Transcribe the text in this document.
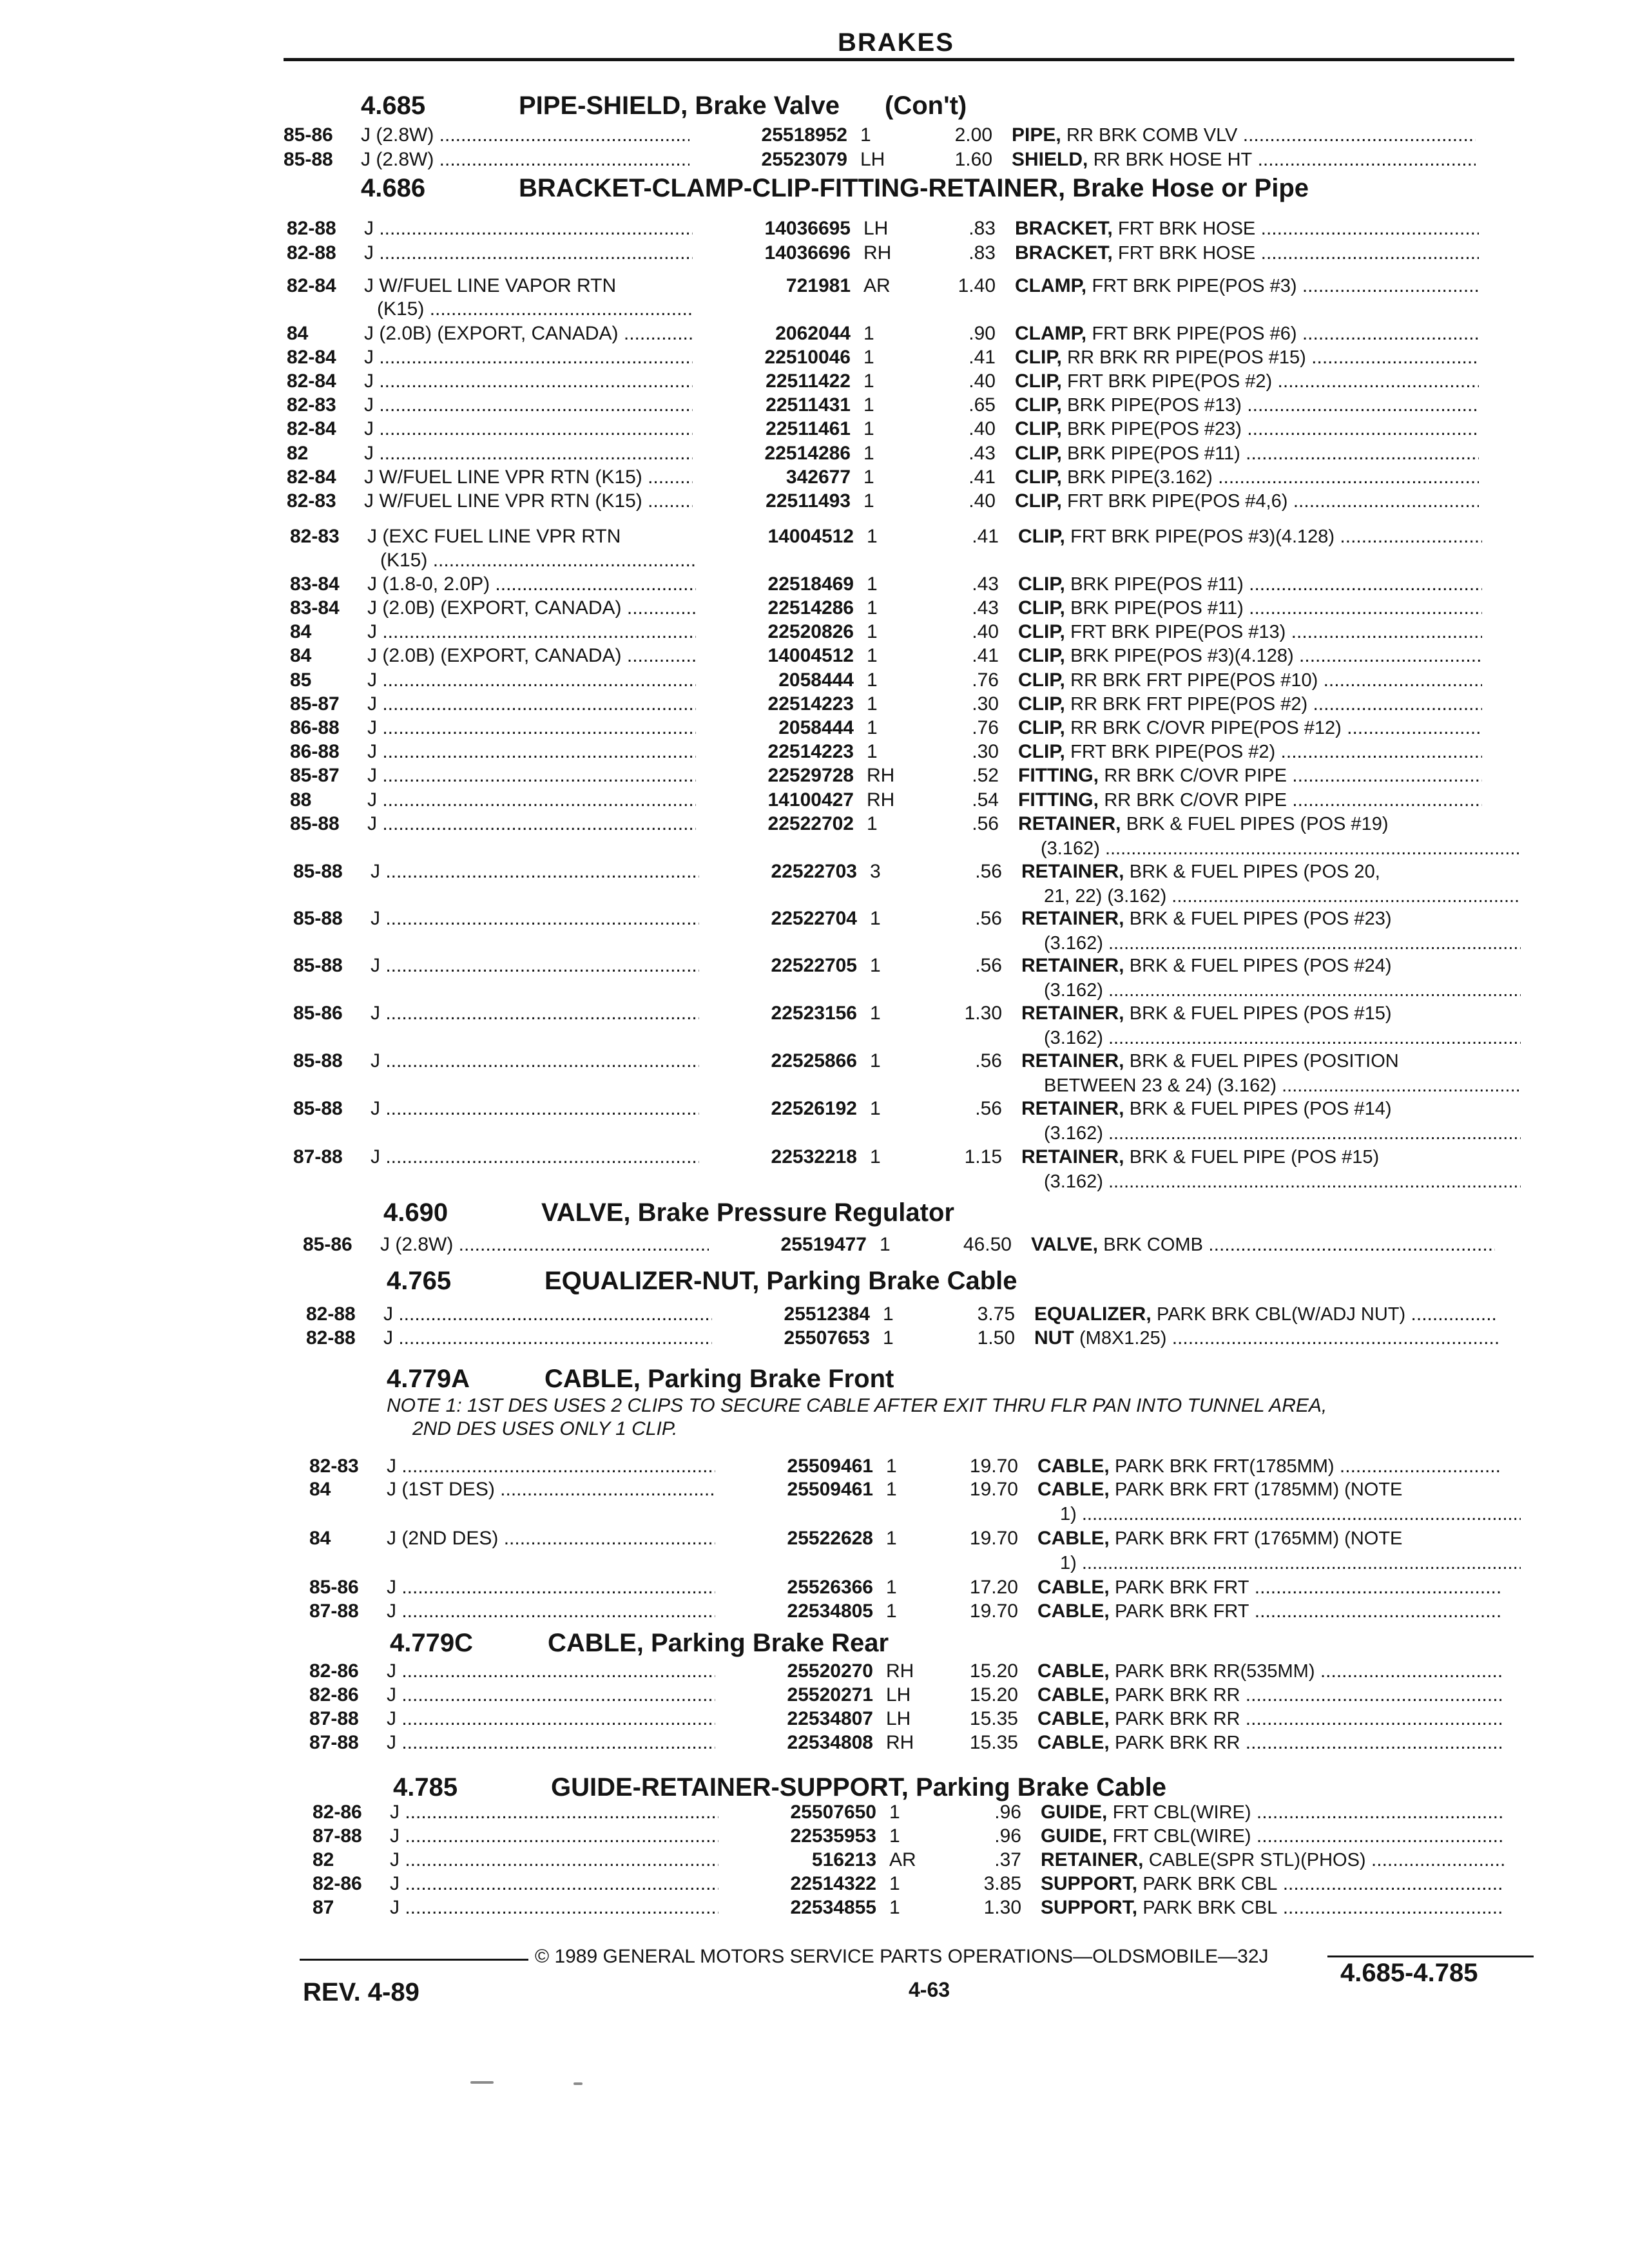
BRAKES
4.685	PIPE-SHIELD, Brake Valve (Con't)
4.686	BRACKET-CLAMP-CLIP-FITTING-RETAINER, Brake Hose or Pipe
4.690	VALVE, Brake Pressure Regulator
4.765	EQUALIZER-NUT, Parking Brake Cable
4.779A	CABLE, Parking Brake Front
4.779C	CABLE, Parking Brake Rear
4.785	GUIDE-RETAINER-SUPPORT, Parking Brake Cable
NOTE 1: 1ST DES USES 2 CLIPS TO SECURE CABLE AFTER EXIT THRU FLR PAN INTO TUNNEL AREA,
2ND DES USES ONLY 1 CLIP.
85-86 J (2.8W) .....	25518952 1	2.00 PIPE, RR BRK COMB VLV .....
85-88 J (2.8W) .....	25523079 LH	1.60 SHIELD, RR BRK HOSE HT .....
82-88 J .....	14036695 LH	.83 BRACKET, FRT BRK HOSE .....
82-88 J .....	14036696 RH	.83 BRACKET, FRT BRK HOSE .....
82-84 J W/FUEL LINE VAPOR RTN	721981 AR	1.40 CLAMP, FRT BRK PIPE(POS #3) .....
(K15) .....
84	J (2.0B) (EXPORT, CANADA) .....	2062044 1	.90 CLAMP, FRT BRK PIPE(POS #6) .....
82-84 J .....	22510046 1	.41 CLIP, RR BRK RR PIPE(POS #15) .....
82-84 J .....	22511422 1	.40 CLIP, FRT BRK PIPE(POS #2) .....
82-83 J .....	22511431 1	.65 CLIP, BRK PIPE(POS #13) .....
82-84 J .....	22511461 1	.40 CLIP, BRK PIPE(POS #23) .....
82	J .....	22514286 1	.43 CLIP, BRK PIPE(POS #11) .....
82-84 J W/FUEL LINE VPR RTN (K15) .....	342677 1	.41 CLIP, BRK PIPE(3.162) .....
82-83 J W/FUEL LINE VPR RTN (K15) .....	22511493 1	.40 CLIP, FRT BRK PIPE(POS #4,6) .....
82-83 J (EXC FUEL LINE VPR RTN	14004512 1	.41 CLIP, FRT BRK PIPE(POS #3)(4.128) .....
(K15) .....
83-84 J (1.8-0, 2.0P) .....	22518469 1	.43 CLIP, BRK PIPE(POS #11) .....
83-84 J (2.0B) (EXPORT, CANADA) .....	22514286 1	.43 CLIP, BRK PIPE(POS #11) .....
84	J .....	22520826 1	.40 CLIP, FRT BRK PIPE(POS #13) .....
84	J (2.0B) (EXPORT, CANADA) .....	14004512 1	.41 CLIP, BRK PIPE(POS #3)(4.128) .....
85	J .....	2058444 1	.76 CLIP, RR BRK FRT PIPE(POS #10) .....
85-87 J .....	22514223 1	.30 CLIP, RR BRK FRT PIPE(POS #2) .....
86-88 J .....	2058444 1	.76 CLIP, RR BRK C/OVR PIPE(POS #12) .....
86-88 J .....	22514223 1	.30 CLIP, FRT BRK PIPE(POS #2) .....
85-87 J .....	22529728 RH	.52 FITTING, RR BRK C/OVR PIPE .....
88	J .....	14100427 RH	.54 FITTING, RR BRK C/OVR PIPE .....
85-88 J .....	22522702 1	.56 RETAINER, BRK & FUEL PIPES (POS #19)
(3.162) .....
85-88 J .....	22522703 3	.56 RETAINER, BRK & FUEL PIPES (POS 20,
21, 22) (3.162) .....
85-88 J .....	22522704 1	.56 RETAINER, BRK & FUEL PIPES (POS #23)
(3.162) .....
85-88 J .....	22522705 1	.56 RETAINER, BRK & FUEL PIPES (POS #24)
(3.162) .....
85-86 J .....	22523156 1	1.30 RETAINER, BRK & FUEL PIPES (POS #15)
(3.162) .....
85-88 J .....	22525866 1	.56 RETAINER, BRK & FUEL PIPES (POSITION
BETWEEN 23 & 24) (3.162) .....
85-88 J .....	22526192 1	.56 RETAINER, BRK & FUEL PIPES (POS #14)
(3.162) .....
87-88 J .....	22532218 1	1.15 RETAINER, BRK & FUEL PIPE (POS #15)
(3.162) .....
85-86 J (2.8W) .....	25519477 1	46.50 VALVE, BRK COMB .....
82-88 J .....	25512384 1	3.75 EQUALIZER, PARK BRK CBL(W/ADJ NUT) .....
82-88 J .....	25507653 1	1.50 NUT (M8X1.25) .....
82-83 J .....	25509461 1	19.70 CABLE, PARK BRK FRT(1785MM) .....
84	J (1ST DES) .....	25509461 1	19.70 CABLE, PARK BRK FRT (1785MM) (NOTE
1) .....
84	J (2ND DES) .....	25522628 1	19.70 CABLE, PARK BRK FRT (1765MM) (NOTE
1) .....
85-86 J .....	25526366 1	17.20 CABLE, PARK BRK FRT .....
87-88 J .....	22534805 1	19.70 CABLE, PARK BRK FRT .....
82-86 J .....	25520270 RH	15.20 CABLE, PARK BRK RR(535MM) .....
82-86 J .....	25520271 LH	15.20 CABLE, PARK BRK RR .....
87-88 J .....	22534807 LH	15.35 CABLE, PARK BRK RR .....
87-88 J .....	22534808 RH	15.35 CABLE, PARK BRK RR .....
82-86 J .....	25507650 1	.96 GUIDE, FRT CBL(WIRE) .....
87-88 J .....	22535953 1	.96 GUIDE, FRT CBL(WIRE) .....
82	J .....	516213 AR	.37 RETAINER, CABLE(SPR STL)(PHOS) .....
82-86 J .....	22514322 1	3.85 SUPPORT, PARK BRK CBL .....
87	J .....	22534855 1	1.30 SUPPORT, PARK BRK CBL .....
© 1989 GENERAL MOTORS SERVICE PARTS OPERATIONS—OLDSMOBILE—32J
REV. 4-89	4-63
4.685-4.785
